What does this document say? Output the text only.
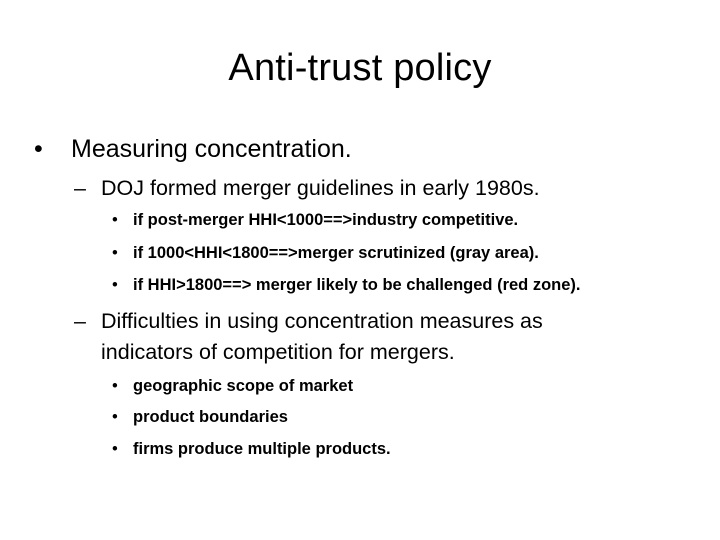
Anti-trust policy
• Measuring concentration.
– DOJ formed merger guidelines in early 1980s.
• if post-merger HHI<1000==>industry competitive.
• if 1000<HHI<1800==>merger scrutinized (gray area).
• if HHI>1800==> merger likely to be challenged (red zone).
– Difficulties in using concentration measures as
indicators of competition for mergers.
• geographic scope of market
• product boundaries
• firms produce multiple products.
